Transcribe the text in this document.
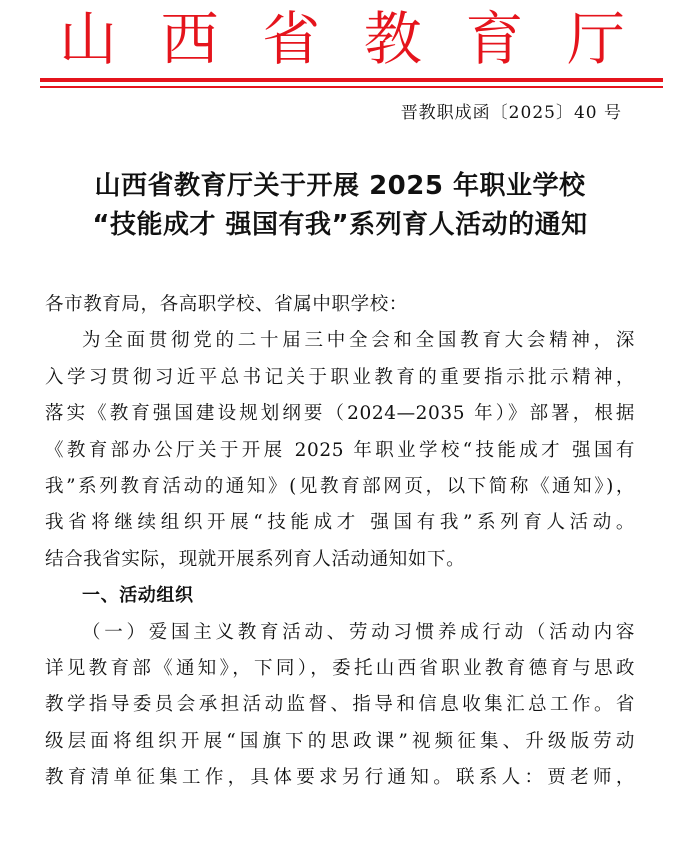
山 西 省 教 育 厅
晋教职成函〔2025〕40 号
山西省教育厅关于开展 2025 年职业学校
“技能成才 强国有我”系列育人活动的通知
各市教育局，各高职学校、省属中职学校：
为全面贯彻党的二十届三中全会和全国教育大会精神，深
入学习贯彻习近平总书记关于职业教育的重要指示批示精神，
落实《教育强国建设规划纲要（2024—2035 年）》部署，根据
《教育部办公厅关于开展 2025 年职业学校“技能成才 强国有
我”系列教育活动的通知》(见教育部网页，以下简称《通知》)，
我省将继续组织开展“技能成才 强国有我”系列育人活动。
结合我省实际，现就开展系列育人活动通知如下。
一、活动组织
（一）爱国主义教育活动、劳动习惯养成行动（活动内容
详见教育部《通知》，下同），委托山西省职业教育德育与思政
教学指导委员会承担活动监督、指导和信息收集汇总工作。省
级层面将组织开展“国旗下的思政课”视频征集、升级版劳动
教育清单征集工作，具体要求另行通知。联系人：贾老师，
